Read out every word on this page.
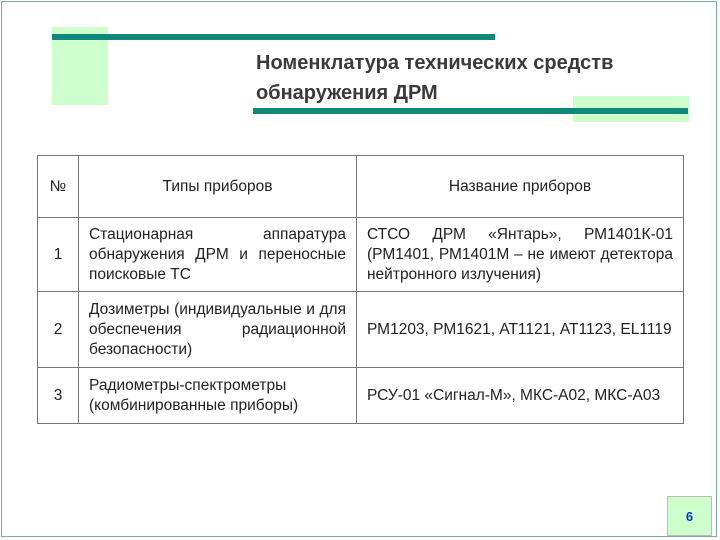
Номенклатура технических средств
обнаружения ДРМ
№	Типы приборов	Название приборов
1	Стационарная аппаратура обнаружения ДРМ и переносные поисковые ТС	СТСО ДРМ «Янтарь», РМ1401К-01 (РМ1401, РМ1401М – не имеют детектора нейтронного излучения)
2	Дозиметры (индивидуальные и для обеспечения радиационной безопасности)	РМ1203, РМ1621, АТ1121, АТ1123, EL1119
3	Радиометры-спектрометры (комбинированные приборы)	РСУ-01 «Сигнал-М», МКС-А02, МКС-А03
6
